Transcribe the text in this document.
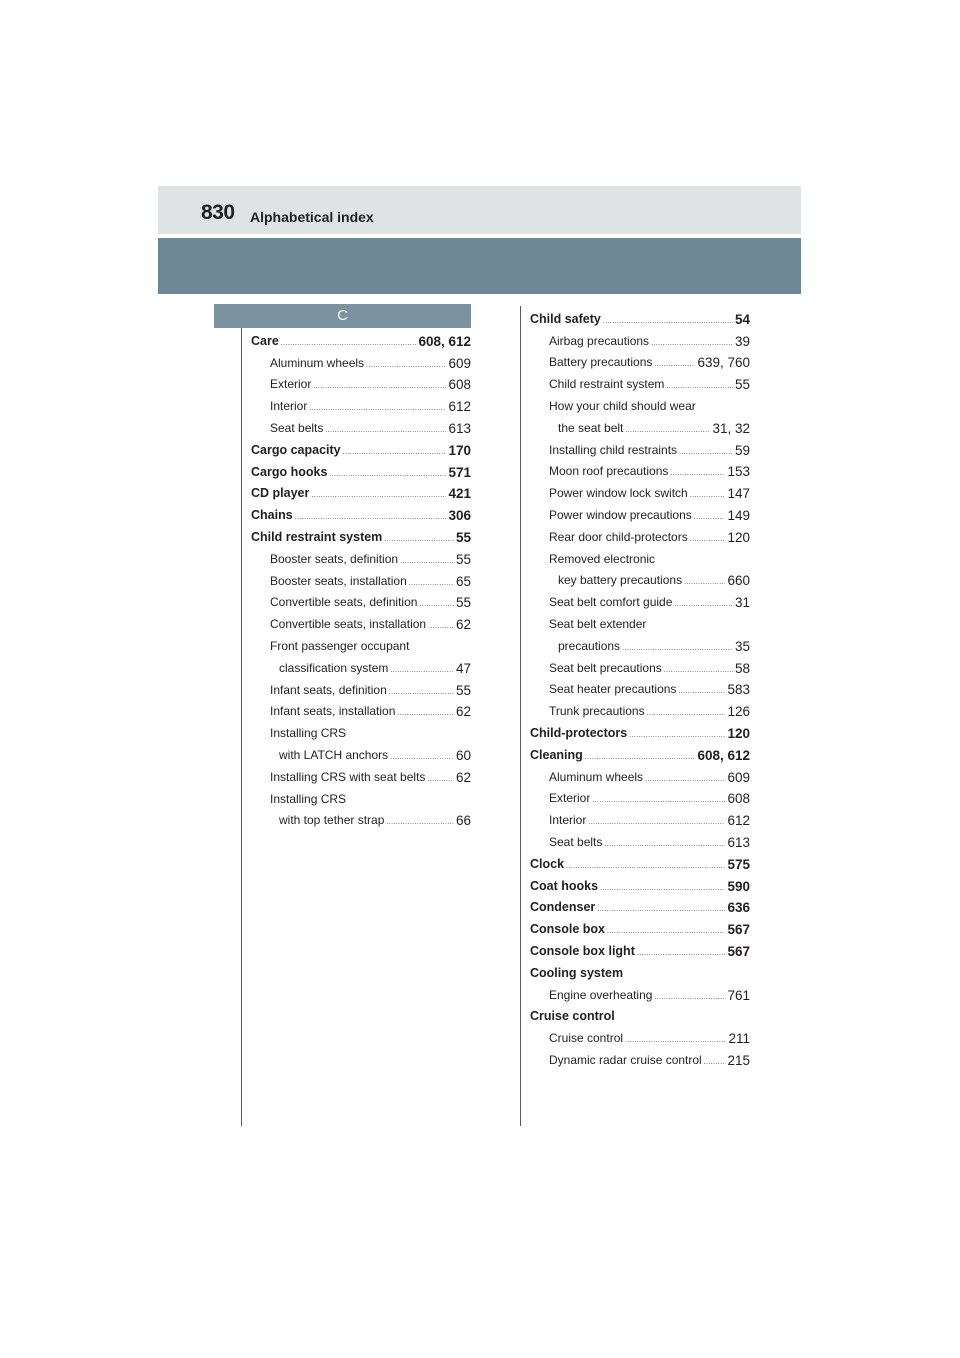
830 Alphabetical index
C
Care .....	608, 612
Aluminum wheels .....	609
Exterior .....	608
Interior .....	612
Seat belts .....	613
Cargo capacity .....	170
Cargo hooks .....	571
CD player .....	421
Chains .....	306
Child restraint system .....	55
Booster seats, definition .....	55
Booster seats, installation .....	65
Convertible seats, definition .....	55
Convertible seats, installation ..... 62
Front passenger occupant
classification system .....	47
Infant seats, definition .....	55
Infant seats, installation .....	62
Installing CRS
with LATCH anchors .....	60
Installing CRS with seat belts ..... 62
Installing CRS
with top tether strap .....	66
Child safety .....	54
Airbag precautions .....	39
Battery precautions .....	639, 760
Child restraint system .....	55
How your child should wear
the seat belt .....	31, 32
Installing child restraints .....	59
Moon roof precautions .....	153
Power window lock switch .....	147
Power window precautions .....	149
Rear door child-protectors .....	120
Removed electronic
key battery precautions .....	660
Seat belt comfort guide .....	31
Seat belt extender
precautions .....	35
Seat belt precautions .....	58
Seat heater precautions .....	583
Trunk precautions .....	126
Child-protectors .....	120
Cleaning .....	608, 612
Aluminum wheels .....	609
Exterior .....	608
Interior .....	612
Seat belts .....	613
Clock .....	575
Coat hooks .....	590
Condenser .....	636
Console box .....	567
Console box light .....	567
Cooling system
Engine overheating .....	761
Cruise control
Cruise control .....	211
Dynamic radar cruise control ..... 215
